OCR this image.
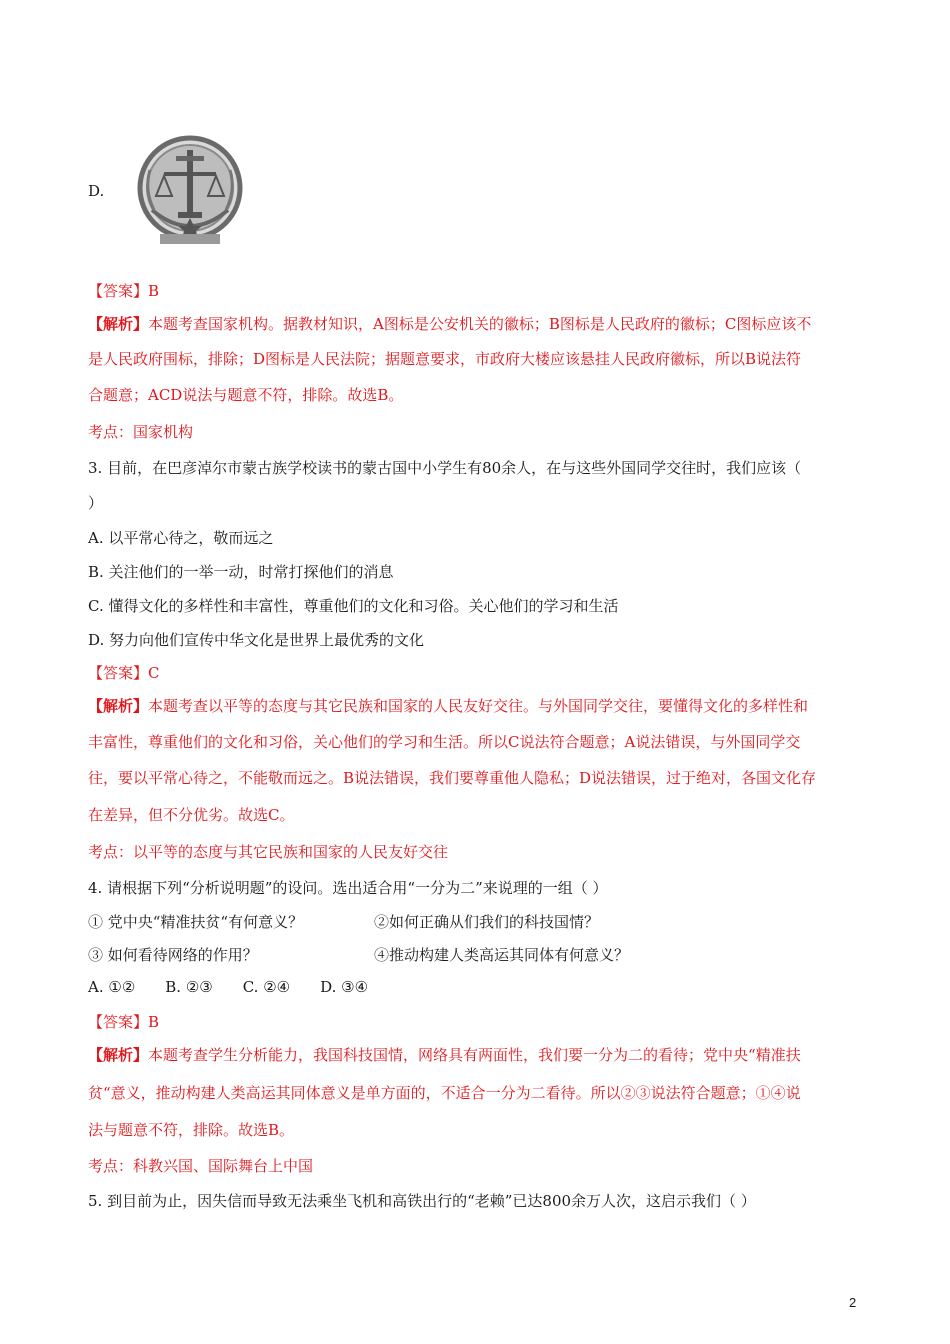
D.
【答案】B
【解析】本题考查国家机构。据教材知识，A图标是公安机关的徽标；B图标是人民政府的徽标；C图标应该不
是人民政府围标，排除；D图标是人民法院；据题意要求，市政府大楼应该悬挂人民政府徽标，所以B说法符
合题意；ACD说法与题意不符，排除。故选B。
考点：国家机构
3. 目前，在巴彦淖尔市蒙古族学校读书的蒙古国中小学生有80余人，在与这些外国同学交往时，我们应该（
）
A. 以平常心待之，敬而远之
B. 关注他们的一举一动，时常打探他们的消息
C. 懂得文化的多样性和丰富性，尊重他们的文化和习俗。关心他们的学习和生活
D. 努力向他们宣传中华文化是世界上最优秀的文化
【答案】C
【解析】本题考查以平等的态度与其它民族和国家的人民友好交往。与外国同学交往，要懂得文化的多样性和
丰富性，尊重他们的文化和习俗，关心他们的学习和生活。所以C说法符合题意；A说法错误，与外国同学交
往，要以平常心待之，不能敬而远之。B说法错误，我们要尊重他人隐私；D说法错误，过于绝对，各国文化存
在差异，但不分优劣。故选C。
考点：以平等的态度与其它民族和国家的人民友好交往
4. 请根据下列“分析说明题”的设问。选出适合用“一分为二”来说理的一组（ ）
① 党中央“精准扶贫“有何意义？	②如何正确从们我们的科技国情？
③ 如何看待网络的作用？	④推动构建人类高运其同体有何意义？
A. ①② B. ②③ C. ②④ D. ③④
【答案】B
【解析】本题考查学生分析能力，我国科技国情，网络具有两面性，我们要一分为二的看待；党中央“精准扶
贫“意义，推动构建人类高运其同体意义是单方面的，不适合一分为二看待。所以②③说法符合题意；①④说
法与题意不符，排除。故选B。
考点：科教兴国、国际舞台上中国
5. 到目前为止，因失信而导致无法乘坐飞机和高铁出行的“老赖”已达800余万人次，这启示我们（ ）
2
